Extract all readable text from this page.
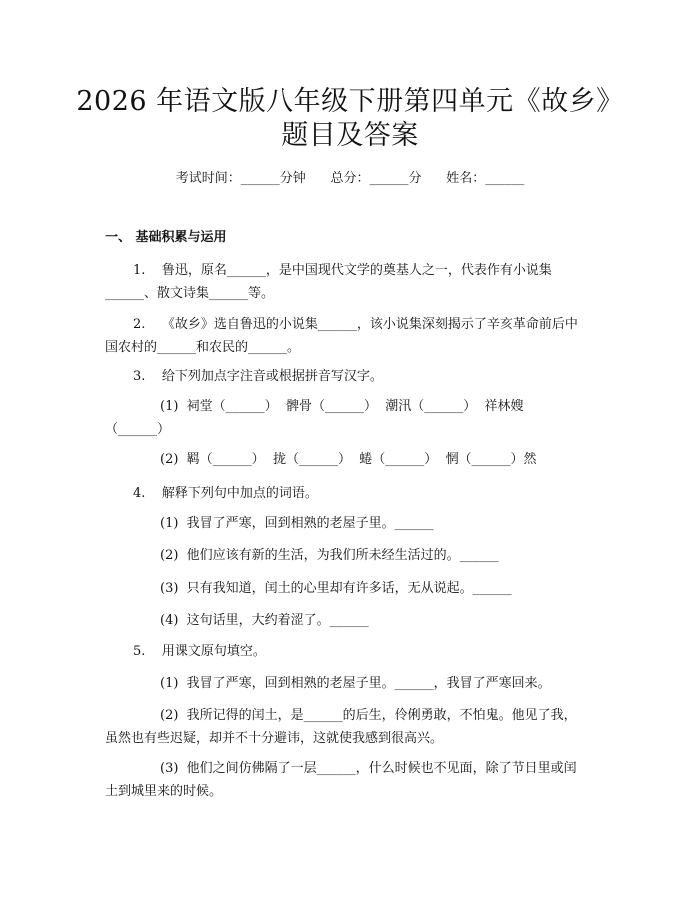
2026 年语文版八年级下册第四单元《故乡》
题目及答案
考试时间：______分钟      总分：______分      姓名：______
一、 基础积累与运用
1.    鲁迅，原名______，是中国现代文学的奠基人之一，代表作有小说集
______、散文诗集______等。
2.    《故乡》选自鲁迅的小说集______，该小说集深刻揭示了辛亥革命前后中
国农村的______和农民的______。
3.    给下列加点字注音或根据拼音写汉字。
(1)  祠堂（______）  髀骨（______）  潮汛（______）  祥林嫂
（______）
(2)  羁（______）  拢（______）  蜷（______）  惘（______）然
4.    解释下列句中加点的词语。
(1)  我冒了严寒，回到相熟的老屋子里。______
(2)  他们应该有新的生活，为我们所未经生活过的。______
(3)  只有我知道，闰土的心里却有许多话，无从说起。______
(4)  这句话里，大约着涩了。______
5.    用课文原句填空。
(1)  我冒了严寒，回到相熟的老屋子里。______，我冒了严寒回来。
(2)  我所记得的闰土，是______的后生，伶俐勇敢，不怕鬼。他见了我，
虽然也有些迟疑，却并不十分避讳，这就使我感到很高兴。
(3)  他们之间仿佛隔了一层______，什么时候也不见面，除了节日里或闰
土到城里来的时候。
